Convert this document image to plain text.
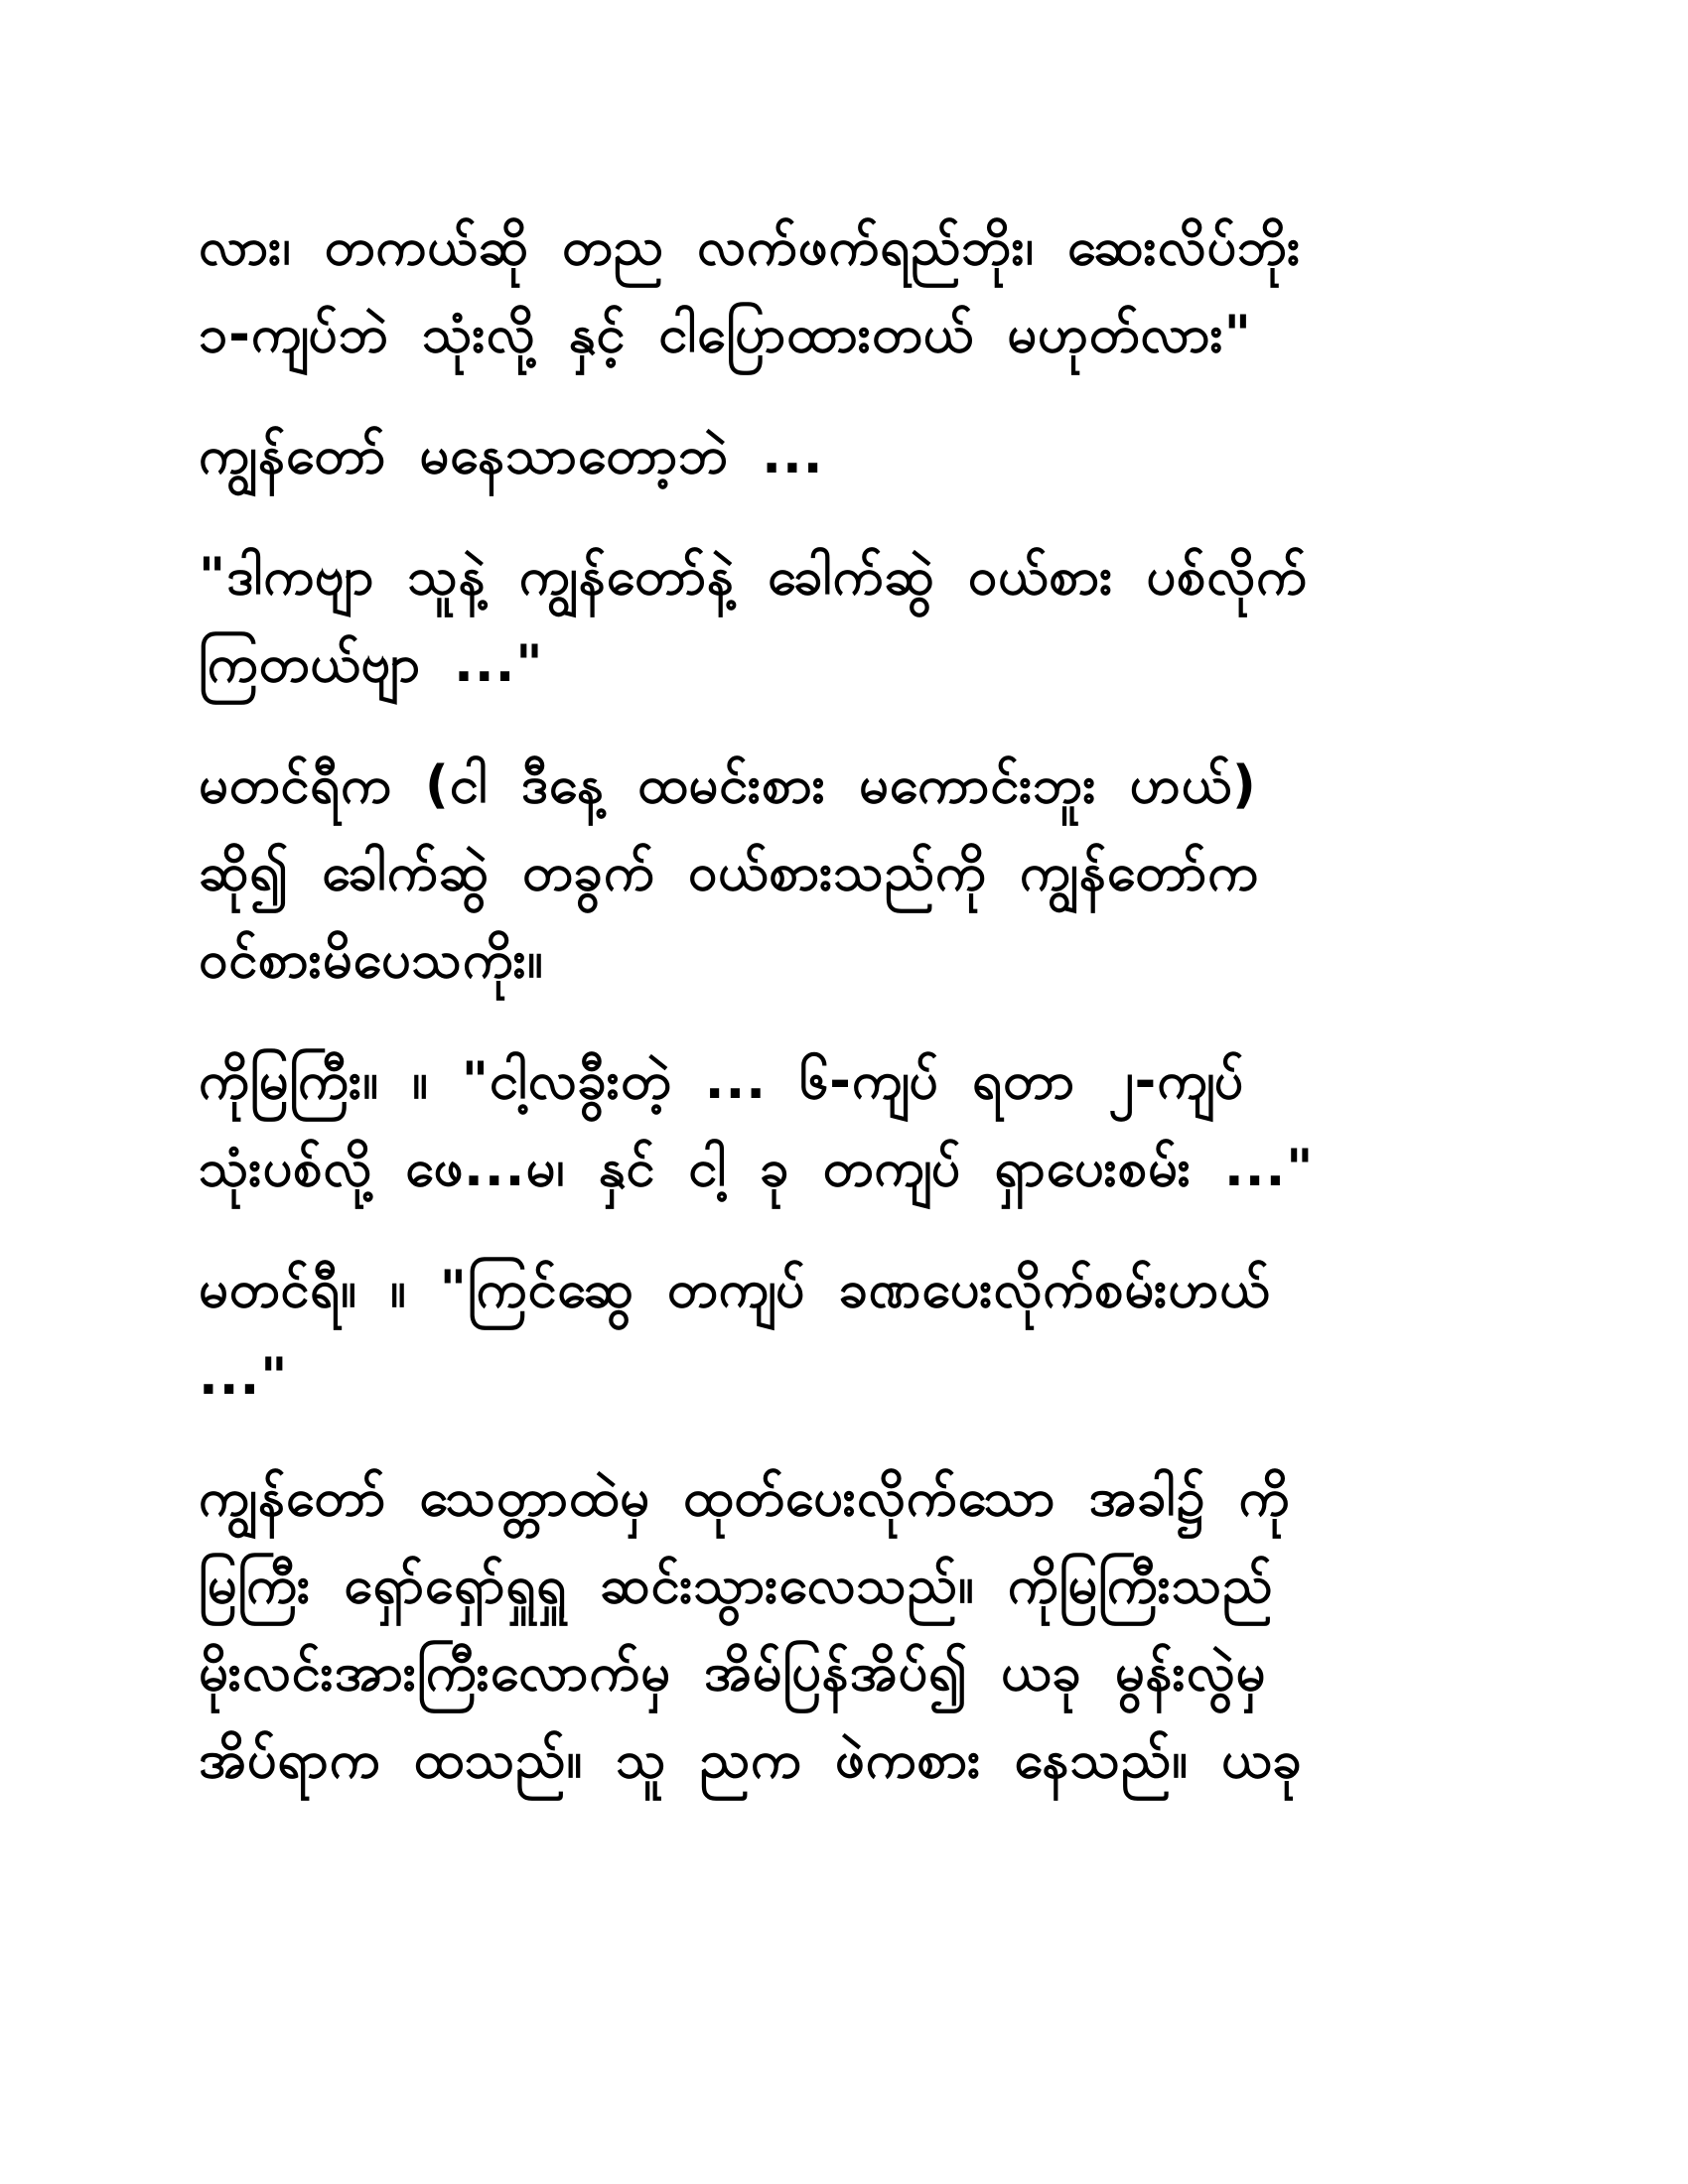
လား၊ တကယ်ဆို တည လက်ဖက်ရည်ဘိုး၊ ဆေးလိပ်ဘိုး
၁-ကျပ်ဘဲ သုံးလို့ နှင့် ငါပြောထားတယ် မဟုတ်လား"

ကျွန်တော် မနေသာတော့ဘဲ ...

"ဒါကဗျာ သူနဲ့ ကျွန်တော်နဲ့ ခေါက်ဆွဲ ဝယ်စား ပစ်လိုက်
ကြတယ်ဗျာ ..."

မတင်ရီက (ငါ ဒီနေ့ ထမင်းစား မကောင်းဘူး ဟယ်)
ဆို၍ ခေါက်ဆွဲ တခွက် ဝယ်စားသည်ကို ကျွန်တော်က
ဝင်စားမိပေသကိုး။

ကိုမြကြီး။ ။ "ငါ့လခွီးတဲ့ ... ၆-ကျပ် ရတာ ၂-ကျပ်
သုံးပစ်လို့ ဖေ...မ၊ နှင် ငါ့ ခု တကျပ် ရှာပေးစမ်း ..."

မတင်ရီ။ ။ "ကြင်ဆွေ တကျပ် ခဏပေးလိုက်စမ်းဟယ်
..."

ကျွန်တော် သေတ္တာထဲမှ ထုတ်ပေးလိုက်သော အခါ၌ ကို
မြကြီး ရှော်ရှော်ရှူရှူ ဆင်းသွားလေသည်။ ကိုမြကြီးသည်
မိုးလင်းအားကြီးလောက်မှ အိမ်ပြန်အိပ်၍ ယခု မွန်းလွဲမှ
အိပ်ရာက ထသည်။ သူ ညက ဖဲကစား နေသည်။ ယခု
